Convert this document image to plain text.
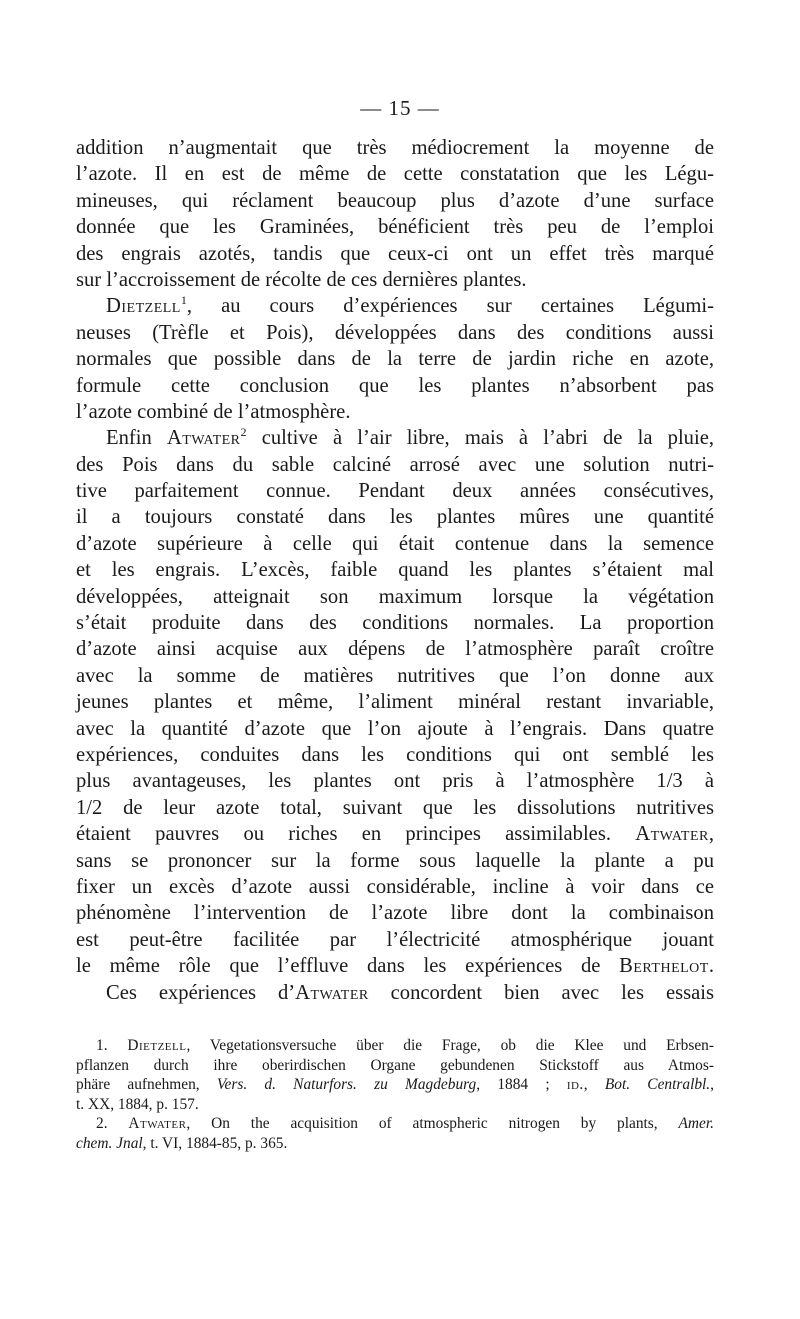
— 15 —
addition n’augmentait que très médiocrement la moyenne de
l’azote. Il en est de même de cette constatation que les Légu-
mineuses, qui réclament beaucoup plus d’azote d’une surface
donnée que les Graminées, bénéficient très peu de l’emploi
des engrais azotés, tandis que ceux-ci ont un effet très marqué
sur l’accroissement de récolte de ces dernières plantes.
Dietzell$^1$, au cours d’expériences sur certaines Légumi-
neuses (Trèfle et Pois), développées dans des conditions aussi
normales que possible dans de la terre de jardin riche en azote,
formule cette conclusion que les plantes n’absorbent pas
l’azote combiné de l’atmosphère.
Enfin Atwater$^2$ cultive à l’air libre, mais à l’abri de la pluie,
des Pois dans du sable calciné arrosé avec une solution nutri-
tive parfaitement connue. Pendant deux années consécutives,
il a toujours constaté dans les plantes mûres une quantité
d’azote supérieure à celle qui était contenue dans la semence
et les engrais. L’excès, faible quand les plantes s’étaient mal
développées, atteignait son maximum lorsque la végétation
s’était produite dans des conditions normales. La proportion
d’azote ainsi acquise aux dépens de l’atmosphère paraît croître
avec la somme de matières nutritives que l’on donne aux
jeunes plantes et même, l’aliment minéral restant invariable,
avec la quantité d’azote que l’on ajoute à l’engrais. Dans quatre
expériences, conduites dans les conditions qui ont semblé les
plus avantageuses, les plantes ont pris à l’atmosphère 1/3 à
1/2 de leur azote total, suivant que les dissolutions nutritives
étaient pauvres ou riches en principes assimilables. Atwater,
sans se prononcer sur la forme sous laquelle la plante a pu
fixer un excès d’azote aussi considérable, incline à voir dans ce
phénomène l’intervention de l’azote libre dont la combinaison
est peut-être facilitée par l’électricité atmosphérique jouant
le même rôle que l’effluve dans les expériences de Berthelot.
Ces expériences d’Atwater concordent bien avec les essais
1. Dietzell, Vegetationsversuche über die Frage, ob die Klee und Erbsen-
pflanzen durch ihre oberirdischen Organe gebundenen Stickstoff aus Atmos-
phäre aufnehmen, Vers. d. Naturfors. zu Magdeburg, 1884 ; id., Bot. Centralbl.,
t. XX, 1884, p. 157.
2. Atwater, On the acquisition of atmospheric nitrogen by plants, Amer.
chem. Jnal, t. VI, 1884-85, p. 365.
